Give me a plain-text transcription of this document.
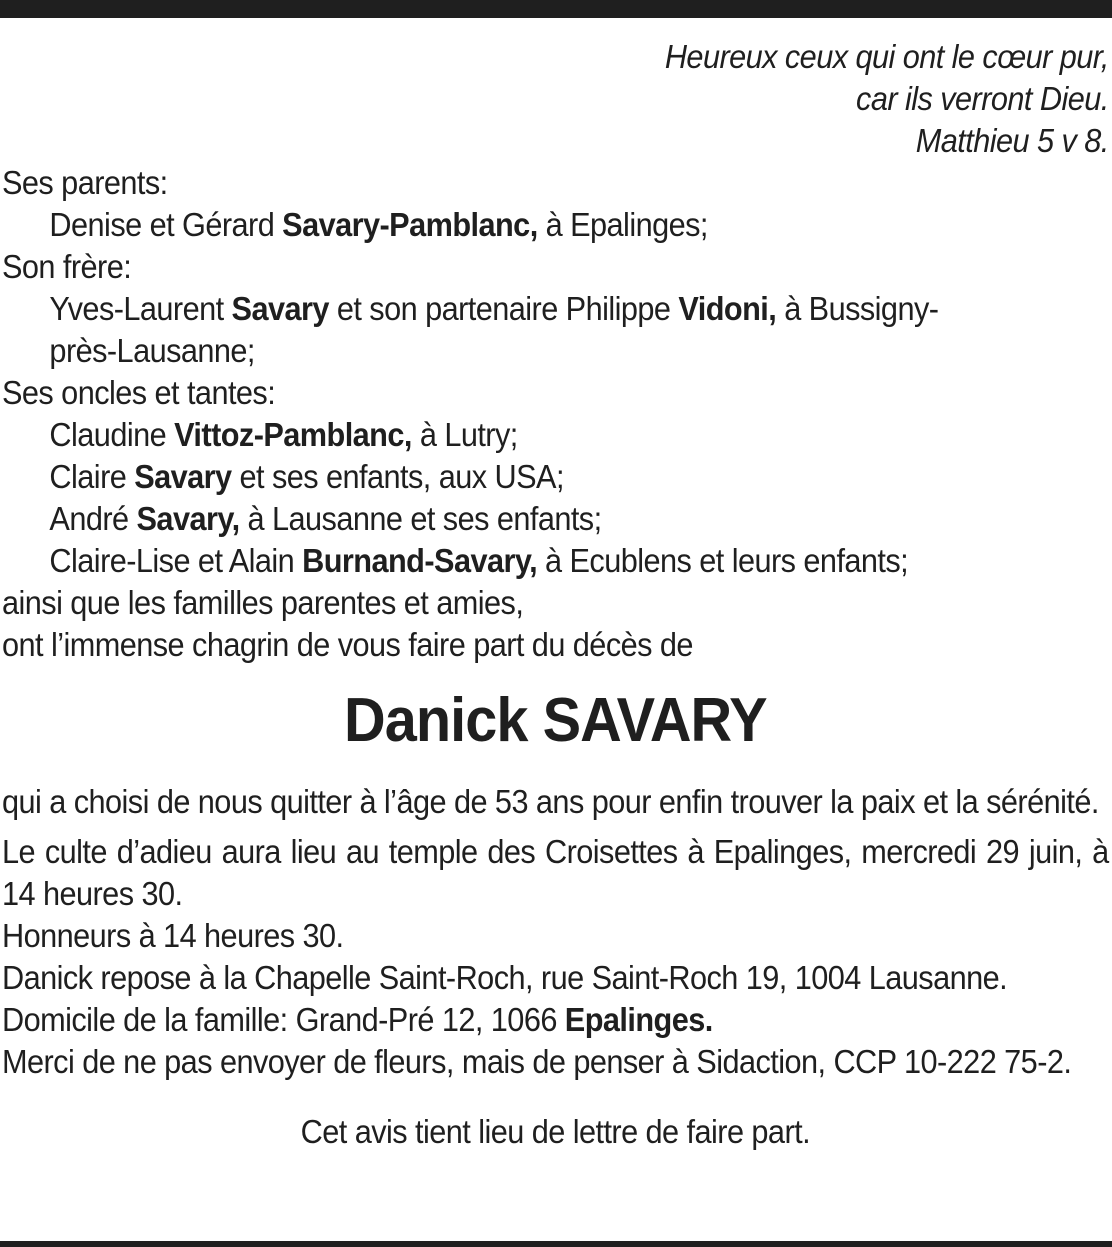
Heureux ceux qui ont le cœur pur,

car ils verront Dieu.

Matthieu 5 v 8.

Ses parents:

Denise et Gérard Savary-Pamblanc, à Epalinges;

Son frère:

Yves-Laurent Savary et son partenaire Philippe Vidoni, à Bussigny-
près-Lausanne;

Ses oncles et tantes:

Claudine Vittoz-Pamblanc, à Lutry;

Claire Savary et ses enfants, aux USA;

André Savary, à Lausanne et ses enfants;

Claire-Lise et Alain Burnand-Savary, à Ecublens et leurs enfants;

ainsi que les familles parentes et amies,

ont l’immense chagrin de vous faire part du décès de

Danick SAVARY

qui a choisi de nous quitter à l’âge de 53 ans pour enfin trouver la paix et la sérénité.

Le culte d’adieu aura lieu au temple des Croisettes à Epalinges, mercredi 29 juin, à 14 heures 30.

Honneurs à 14 heures 30.

Danick repose à la Chapelle Saint-Roch, rue Saint-Roch 19, 1004 Lausanne.

Domicile de la famille: Grand-Pré 12, 1066 Epalinges.

Merci de ne pas envoyer de fleurs, mais de penser à Sidaction, CCP 10-222 75-2.

Cet avis tient lieu de lettre de faire part.
